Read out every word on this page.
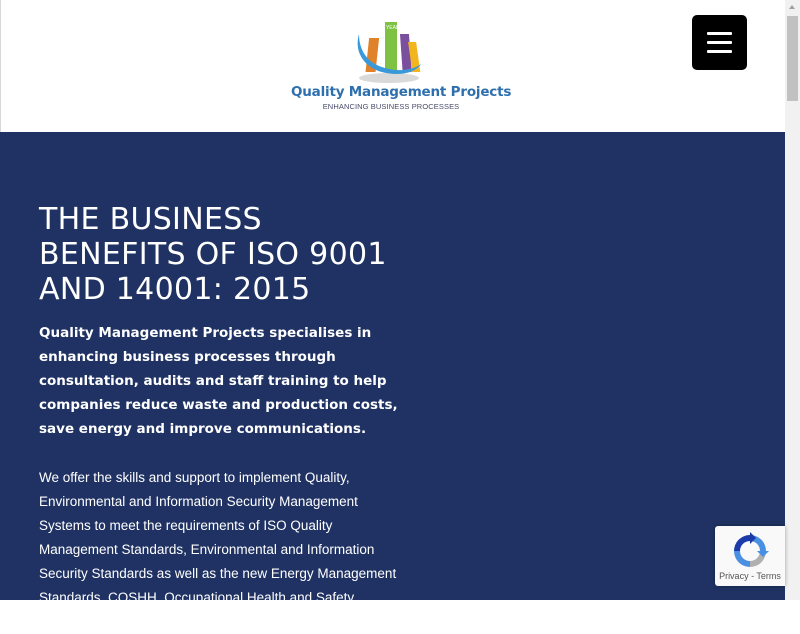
20 YEARS
Quality Management Projects
ENHANCING BUSINESS PROCESSES
THE BUSINESS BENEFITS OF ISO 9001 AND 14001: 2015

Quality Management Projects specialises in enhancing business processes through consultation, audits and staff training to help companies reduce waste and production costs, save energy and improve communications.

We offer the skills and support to implement Quality, Environmental and Information Security Management Systems to meet the requirements of ISO Quality Management Standards, Environmental and Information Security Standards as well as the new Energy Management Standards, COSHH, Occupational Health and Safety, Medical Devices Standard

Privacy - Terms
